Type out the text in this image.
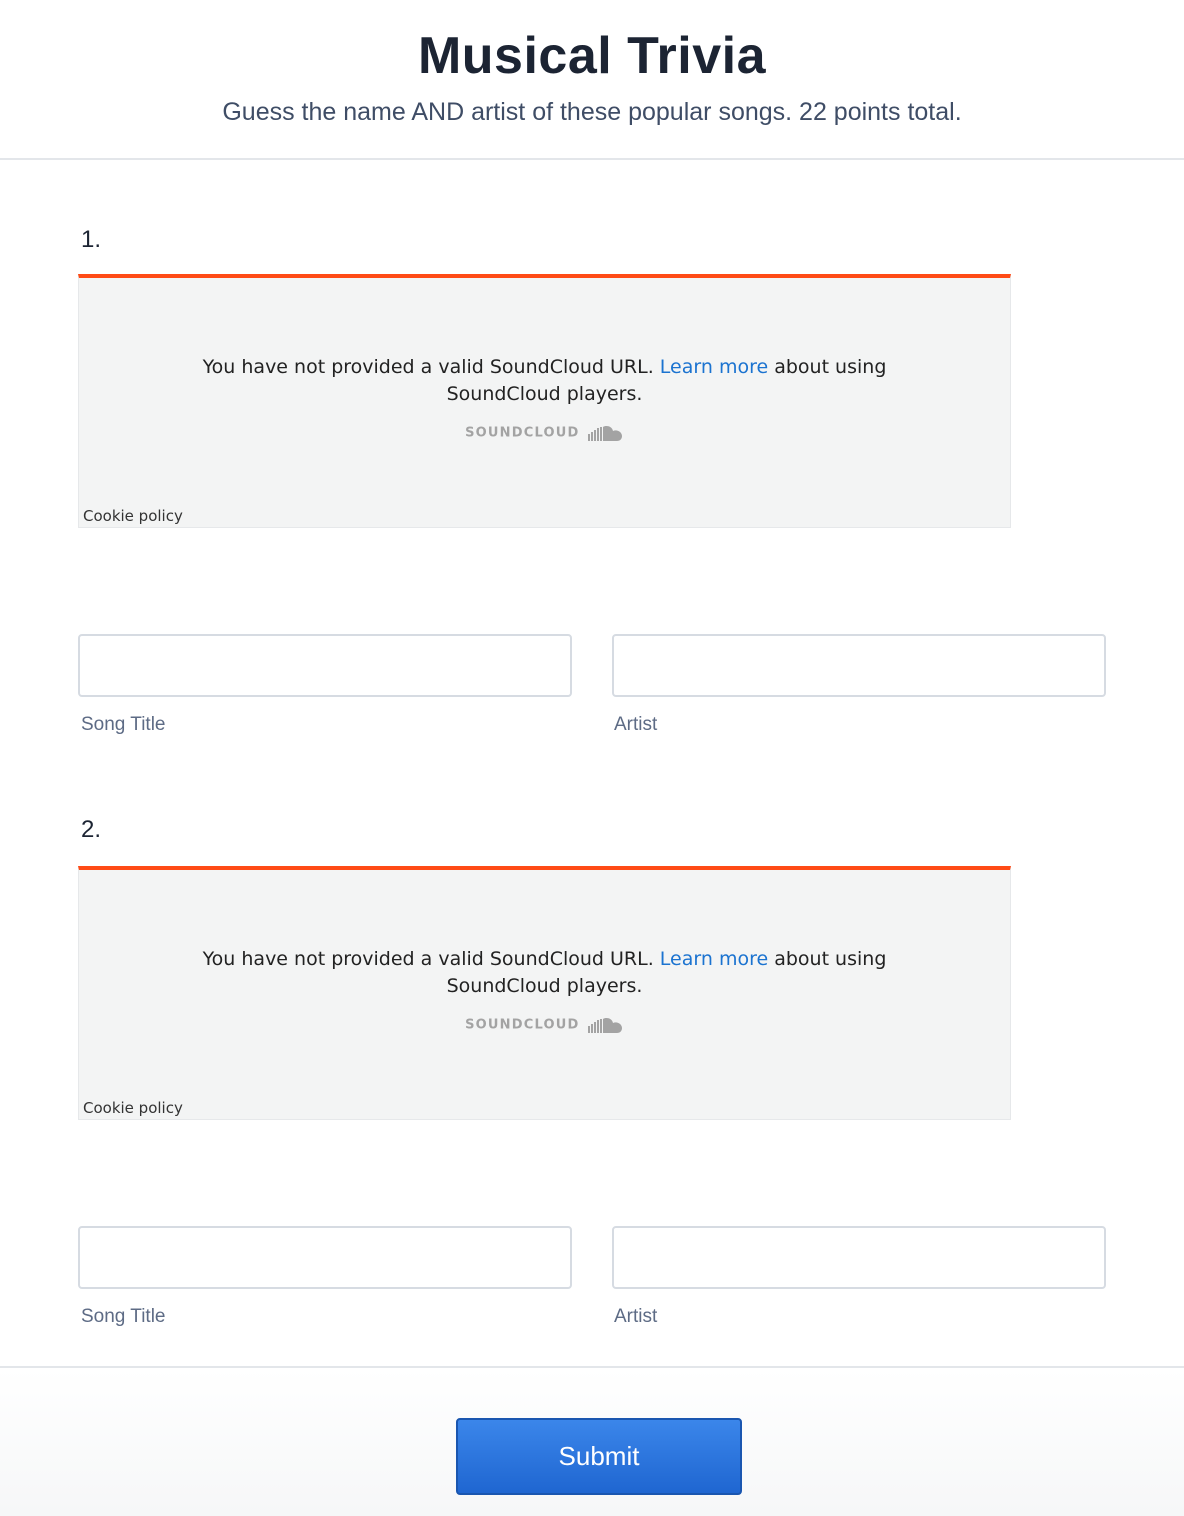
Musical Trivia
Guess the name AND artist of these popular songs. 22 points total.
1.
You have not provided a valid SoundCloud URL. Learn more about using SoundCloud players.
SOUNDCLOUD
Cookie policy
Song Title	Artist
2.
You have not provided a valid SoundCloud URL. Learn more about using SoundCloud players.
SOUNDCLOUD
Cookie policy
Song Title	Artist
Submit
